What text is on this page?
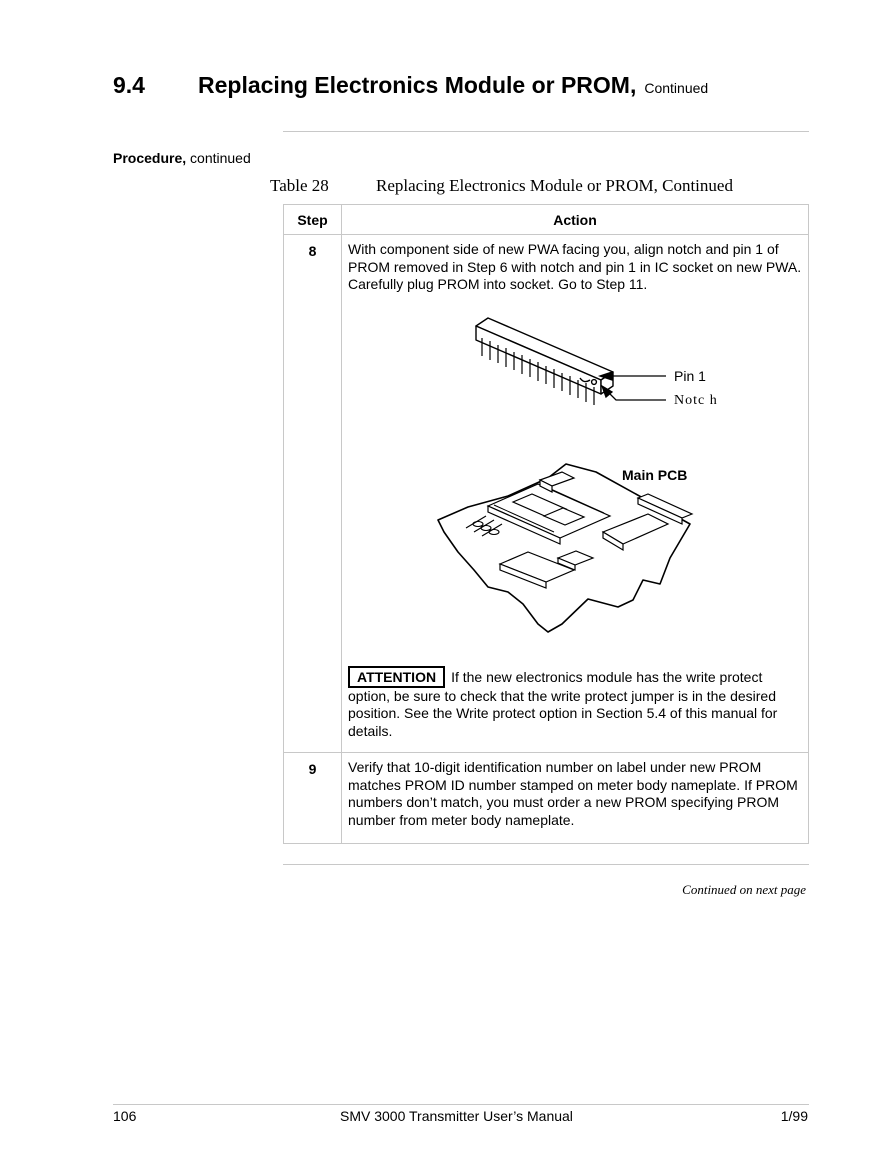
9.4 Replacing Electronics Module or PROM, Continued
Procedure, continued
Table 28	Replacing Electronics Module or PROM, Continued
Step	Action
8	With component side of new PWA facing you, align notch and pin 1 of PROM removed in Step 6 with notch and pin 1 in IC socket on new PWA. Carefully plug PROM into socket. Go to Step 11.
Pin 1
Notc h
Main PCB
ATTENTION If the new electronics module has the write protect option, be sure to check that the write protect jumper is in the desired position. See the Write protect option in Section 5.4 of this manual for details.

9	Verify that 10-digit identification number on label under new PROM matches PROM ID number stamped on meter body nameplate. If PROM numbers don’t match, you must order a new PROM specifying PROM number from meter body nameplate.
Continued on next page
106	SMV 3000 Transmitter User’s Manual	1/99
